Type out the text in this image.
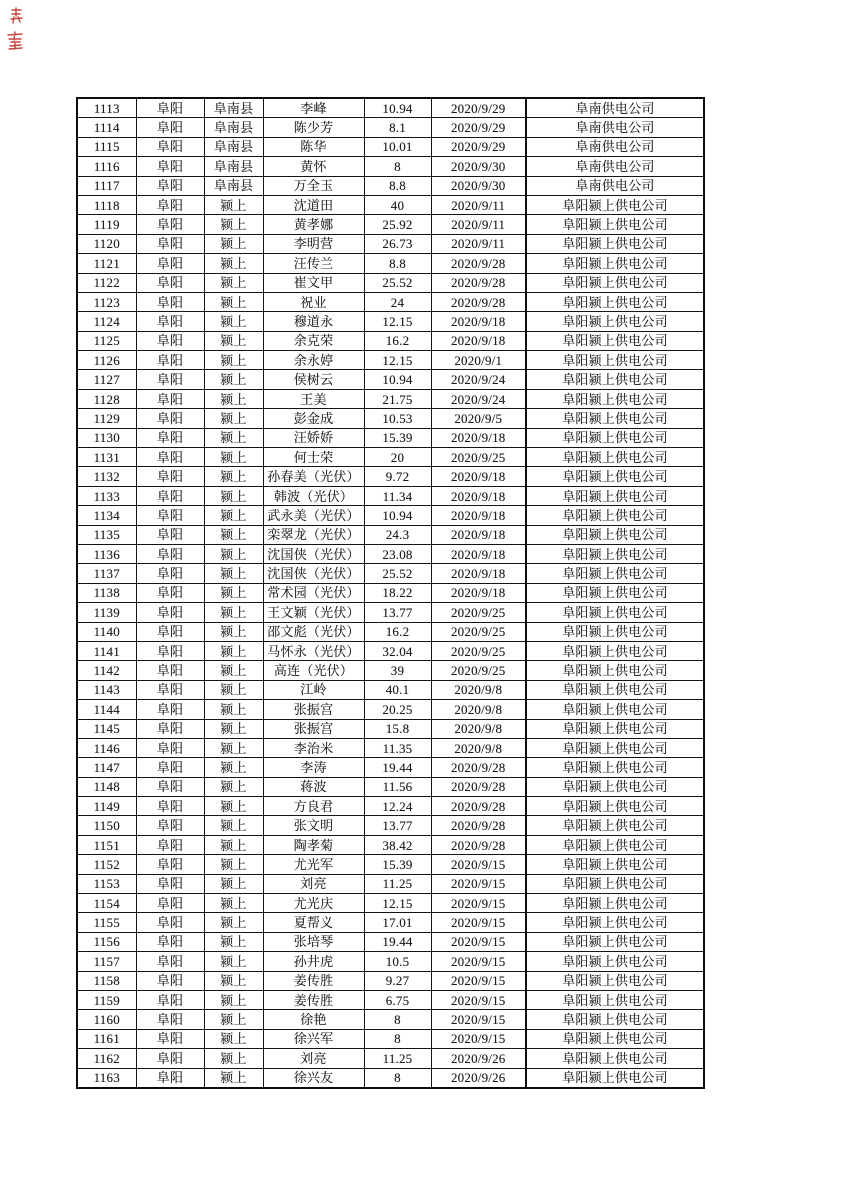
1113	阜阳	阜南县	李峰	10.94	2020/9/29	阜南供电公司
1114	阜阳	阜南县	陈少芳	8.1	2020/9/29	阜南供电公司
1115	阜阳	阜南县	陈华	10.01	2020/9/29	阜南供电公司
1116	阜阳	阜南县	黄怀	8	2020/9/30	阜南供电公司
1117	阜阳	阜南县	万全玉	8.8	2020/9/30	阜南供电公司
1118	阜阳	颍上	沈道田	40	2020/9/11	阜阳颍上供电公司
1119	阜阳	颍上	黄孝娜	25.92	2020/9/11	阜阳颍上供电公司
1120	阜阳	颍上	李明营	26.73	2020/9/11	阜阳颍上供电公司
1121	阜阳	颍上	汪传兰	8.8	2020/9/28	阜阳颍上供电公司
1122	阜阳	颍上	崔文甲	25.52	2020/9/28	阜阳颍上供电公司
1123	阜阳	颍上	祝业	24	2020/9/28	阜阳颍上供电公司
1124	阜阳	颍上	穆道永	12.15	2020/9/18	阜阳颍上供电公司
1125	阜阳	颍上	余克荣	16.2	2020/9/18	阜阳颍上供电公司
1126	阜阳	颍上	余永婷	12.15	2020/9/1	阜阳颍上供电公司
1127	阜阳	颍上	侯树云	10.94	2020/9/24	阜阳颍上供电公司
1128	阜阳	颍上	王美	21.75	2020/9/24	阜阳颍上供电公司
1129	阜阳	颍上	彭金成	10.53	2020/9/5	阜阳颍上供电公司
1130	阜阳	颍上	汪娇娇	15.39	2020/9/18	阜阳颍上供电公司
1131	阜阳	颍上	何士荣	20	2020/9/25	阜阳颍上供电公司
1132	阜阳	颍上	孙春美（光伏）	9.72	2020/9/18	阜阳颍上供电公司
1133	阜阳	颍上	韩波（光伏）	11.34	2020/9/18	阜阳颍上供电公司
1134	阜阳	颍上	武永美（光伏）	10.94	2020/9/18	阜阳颍上供电公司
1135	阜阳	颍上	栾翠龙（光伏）	24.3	2020/9/18	阜阳颍上供电公司
1136	阜阳	颍上	沈国侠（光伏）	23.08	2020/9/18	阜阳颍上供电公司
1137	阜阳	颍上	沈国侠（光伏）	25.52	2020/9/18	阜阳颍上供电公司
1138	阜阳	颍上	常术园（光伏）	18.22	2020/9/18	阜阳颍上供电公司
1139	阜阳	颍上	王文颖（光伏）	13.77	2020/9/25	阜阳颍上供电公司
1140	阜阳	颍上	邵文彪（光伏）	16.2	2020/9/25	阜阳颍上供电公司
1141	阜阳	颍上	马怀永（光伏）	32.04	2020/9/25	阜阳颍上供电公司
1142	阜阳	颍上	高连（光伏）	39	2020/9/25	阜阳颍上供电公司
1143	阜阳	颍上	江岭	40.1	2020/9/8	阜阳颍上供电公司
1144	阜阳	颍上	张振宫	20.25	2020/9/8	阜阳颍上供电公司
1145	阜阳	颍上	张振宫	15.8	2020/9/8	阜阳颍上供电公司
1146	阜阳	颍上	李治米	11.35	2020/9/8	阜阳颍上供电公司
1147	阜阳	颍上	李涛	19.44	2020/9/28	阜阳颍上供电公司
1148	阜阳	颍上	蒋波	11.56	2020/9/28	阜阳颍上供电公司
1149	阜阳	颍上	方良君	12.24	2020/9/28	阜阳颍上供电公司
1150	阜阳	颍上	张文明	13.77	2020/9/28	阜阳颍上供电公司
1151	阜阳	颍上	陶孝菊	38.42	2020/9/28	阜阳颍上供电公司
1152	阜阳	颍上	尤光军	15.39	2020/9/15	阜阳颍上供电公司
1153	阜阳	颍上	刘亮	11.25	2020/9/15	阜阳颍上供电公司
1154	阜阳	颍上	尤光庆	12.15	2020/9/15	阜阳颍上供电公司
1155	阜阳	颍上	夏帮义	17.01	2020/9/15	阜阳颍上供电公司
1156	阜阳	颍上	张培琴	19.44	2020/9/15	阜阳颍上供电公司
1157	阜阳	颍上	孙井虎	10.5	2020/9/15	阜阳颍上供电公司
1158	阜阳	颍上	姜传胜	9.27	2020/9/15	阜阳颍上供电公司
1159	阜阳	颍上	姜传胜	6.75	2020/9/15	阜阳颍上供电公司
1160	阜阳	颍上	徐艳	8	2020/9/15	阜阳颍上供电公司
1161	阜阳	颍上	徐兴军	8	2020/9/15	阜阳颍上供电公司
1162	阜阳	颍上	刘亮	11.25	2020/9/26	阜阳颍上供电公司
1163	阜阳	颍上	徐兴友	8	2020/9/26	阜阳颍上供电公司
